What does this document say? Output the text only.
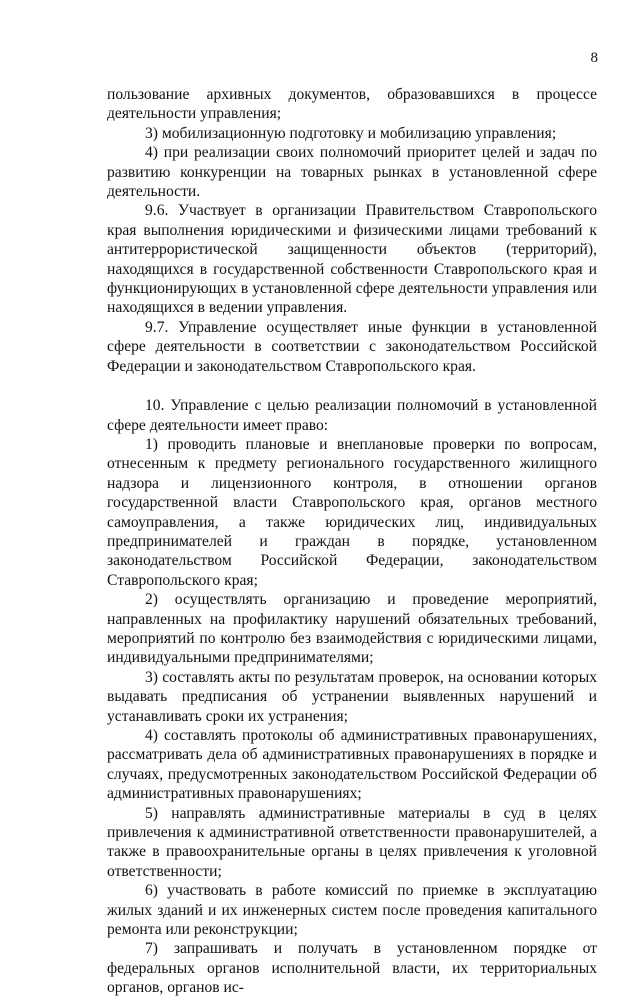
8

пользование архивных документов, образовавшихся в процессе деятельности управления;

3) мобилизационную подготовку и мобилизацию управления;

4) при реализации своих полномочий приоритет целей и задач по развитию конкуренции на товарных рынках в установленной сфере деятельности.

9.6. Участвует в организации Правительством Ставропольского края выполнения юридическими и физическими лицами требований к антитеррористической защищенности объектов (территорий), находящихся в государственной собственности Ставропольского края и функционирующих в установленной сфере деятельности управления или находящихся в ведении управления.

9.7. Управление осуществляет иные функции в установленной сфере деятельности в соответствии с законодательством Российской Федерации и законодательством Ставропольского края.

10. Управление с целью реализации полномочий в установленной сфере деятельности имеет право:

1) проводить плановые и внеплановые проверки по вопросам, отнесенным к предмету регионального государственного жилищного надзора и лицензионного контроля, в отношении органов государственной власти Ставропольского края, органов местного самоуправления, а также юридических лиц, индивидуальных предпринимателей и граждан в порядке, установленном законодательством Российской Федерации, законодательством Ставропольского края;

2) осуществлять организацию и проведение мероприятий, направленных на профилактику нарушений обязательных требований, мероприятий по контролю без взаимодействия с юридическими лицами, индивидуальными предпринимателями;

3) составлять акты по результатам проверок, на основании которых выдавать предписания об устранении выявленных нарушений и устанавливать сроки их устранения;

4) составлять протоколы об административных правонарушениях, рассматривать дела об административных правонарушениях в порядке и случаях, предусмотренных законодательством Российской Федерации об административных правонарушениях;

5) направлять административные материалы в суд в целях привлечения к административной ответственности правонарушителей, а также в правоохранительные органы в целях привлечения к уголовной ответственности;

6) участвовать в работе комиссий по приемке в эксплуатацию жилых зданий и их инженерных систем после проведения капитального ремонта или реконструкции;

7) запрашивать и получать в установленном порядке от федеральных органов исполнительной власти, их территориальных органов, органов ис-
